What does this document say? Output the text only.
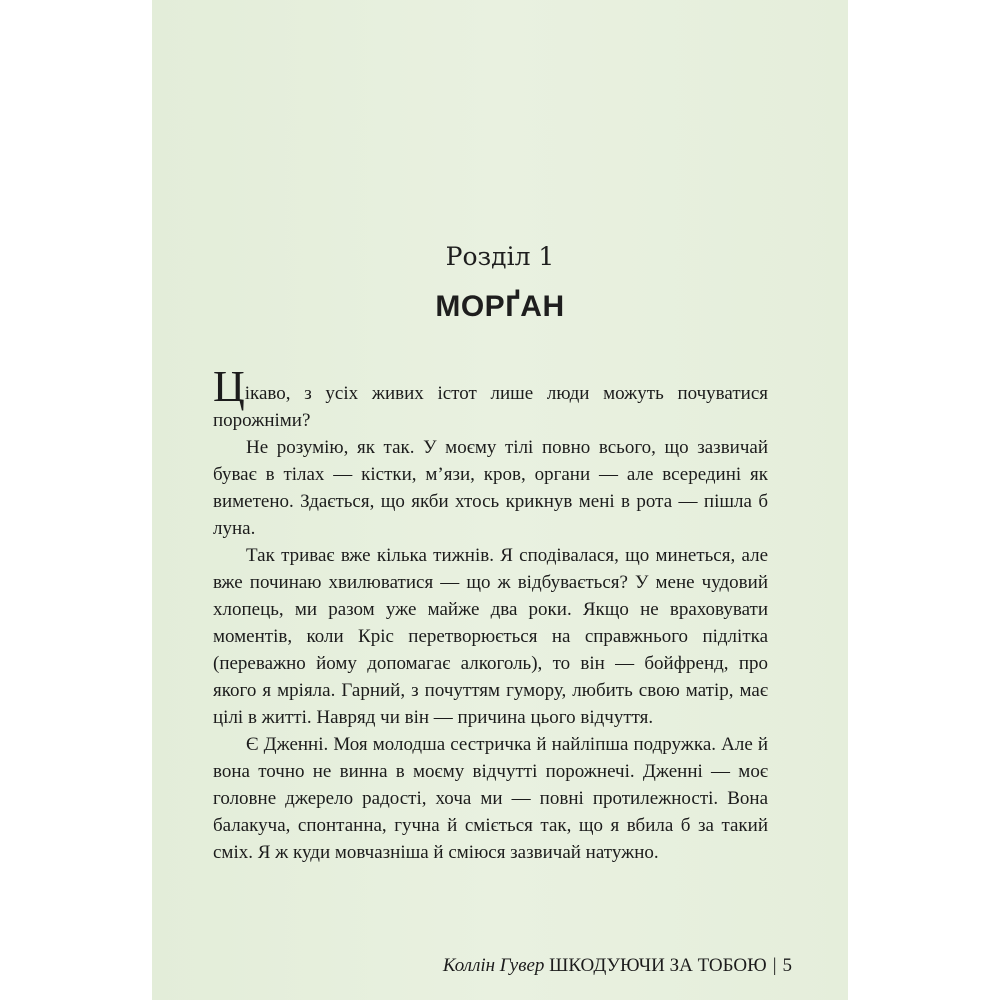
Розділ 1
МОРҐАН

Цікаво, з усіх живих істот лише люди можуть почуватися порожніми?

Не розумію, як так. У моєму тілі повно всього, що зазвичай буває в тілах — кістки, м’язи, кров, органи — але всередині як виметено. Здається, що якби хтось крикнув мені в рота — пішла б луна.

Так триває вже кілька тижнів. Я сподівалася, що минеться, але вже починаю хвилюватися — що ж відбувається? У мене чудовий хлопець, ми разом уже майже два роки. Якщо не враховувати моментів, коли Кріс перетворюється на справжнього підлітка (переважно йому допомагає алкоголь), то він — бойфренд, про якого я мріяла. Гарний, з почуттям гумору, любить свою матір, має цілі в житті. Навряд чи він — причина цього відчуття.

Є Дженні. Моя молодша сестричка й найліпша подружка. Але й вона точно не винна в моєму відчутті порожнечі. Дженні — моє головне джерело радості, хоча ми — повні протилежності. Вона балакуча, спонтанна, гучна й сміється так, що я вбила б за такий сміх. Я ж куди мовчазніша й сміюся зазвичай натужно.

Коллін Гувер ШКОДУЮЧИ ЗА ТОБОЮ | 5
